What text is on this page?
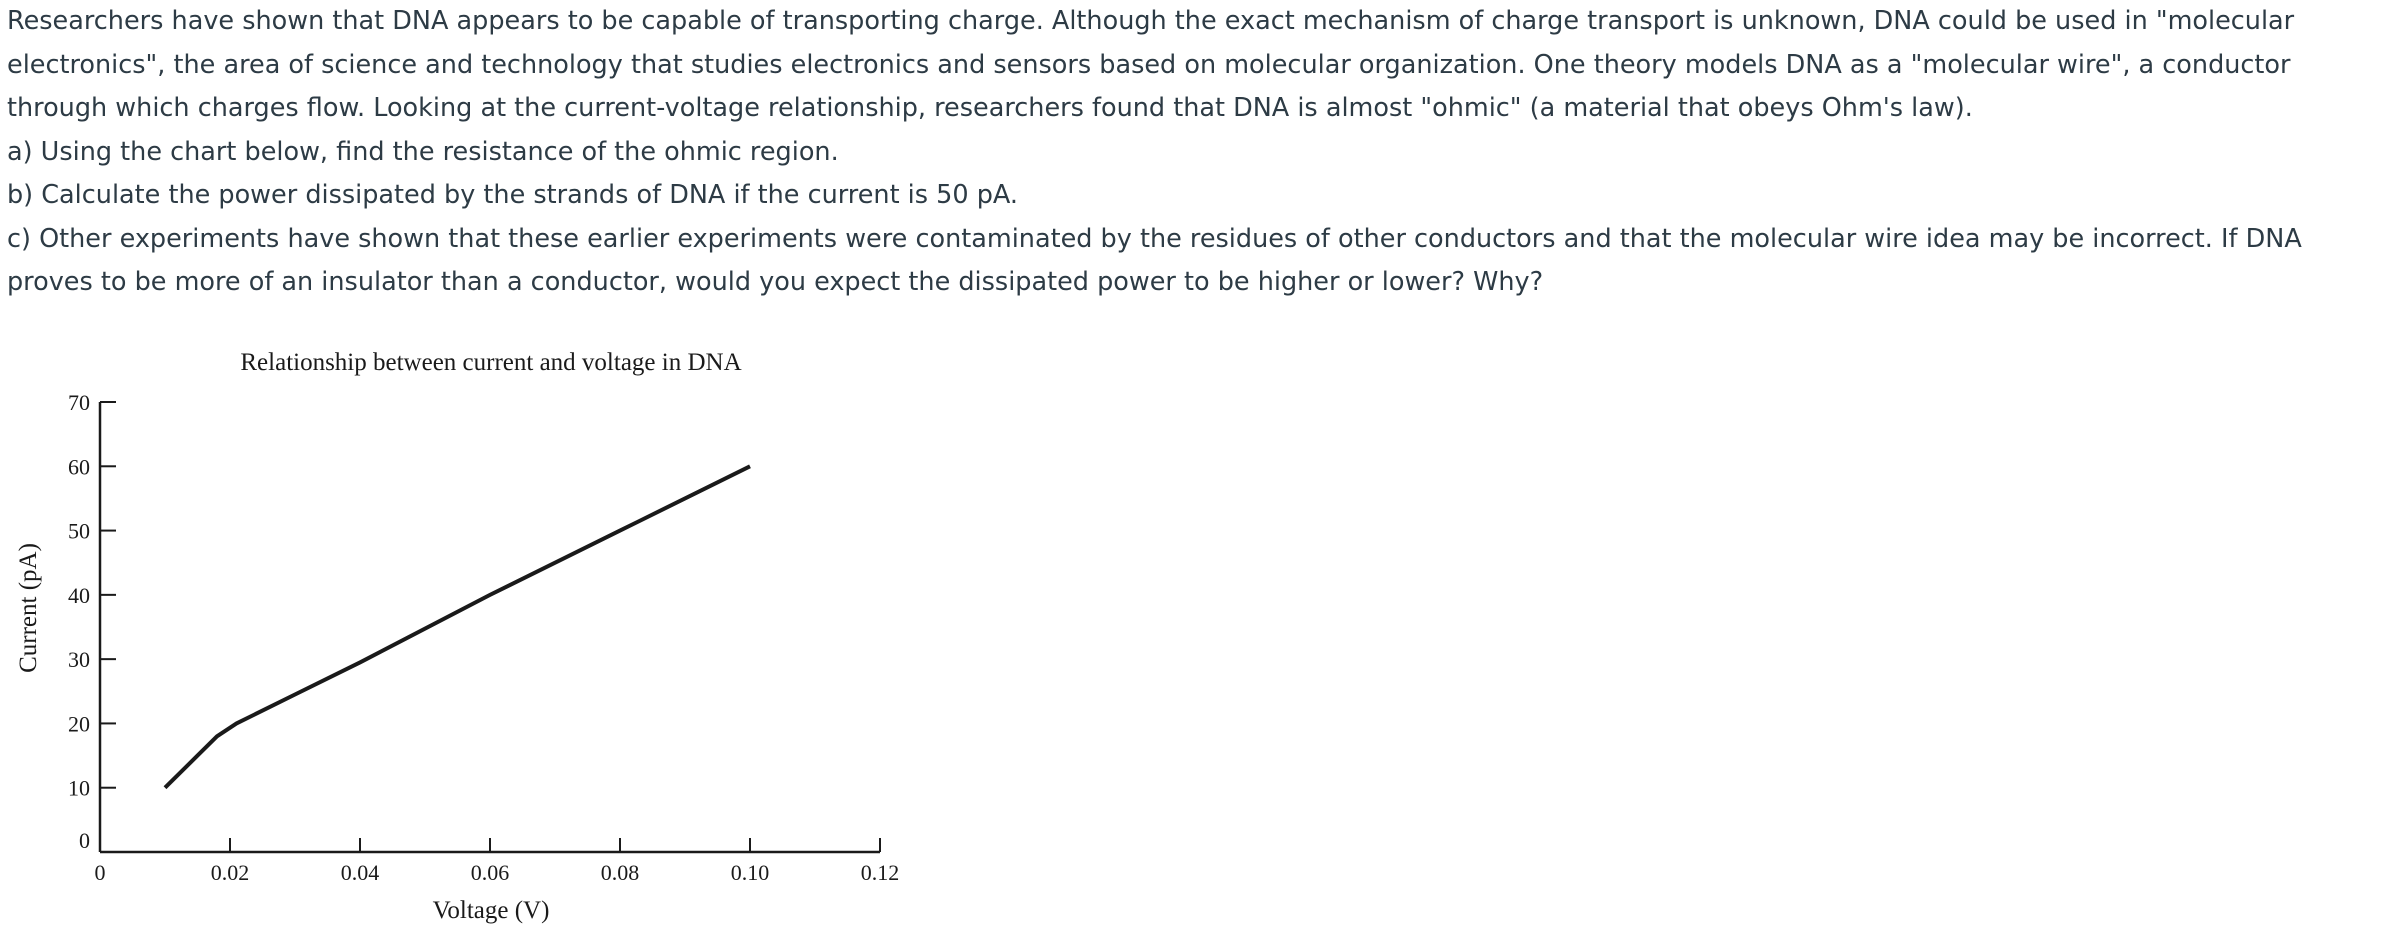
Researchers have shown that DNA appears to be capable of transporting charge. Although the exact mechanism of charge transport is unknown, DNA could be used in "molecular electronics", the area of science and technology that studies electronics and sensors based on molecular organization. One theory models DNA as a "molecular wire", a conductor through which charges flow. Looking at the current-voltage relationship, researchers found that DNA is almost "ohmic" (a material that obeys Ohm's law).

a) Using the chart below, find the resistance of the ohmic region.

b) Calculate the power dissipated by the strands of DNA if the current is 50 pA.

c) Other experiments have shown that these earlier experiments were contaminated by the residues of other conductors and that the molecular wire idea may be incorrect. If DNA proves to be more of an insulator than a conductor, would you expect the dissipated power to be higher or lower? Why?

Relationship between current and voltage in DNA
0
10
20
30
40
50
60
70
0	0.02	0.04	0.06	0.08	0.10	0.12
Voltage (V)
Current (pA)
